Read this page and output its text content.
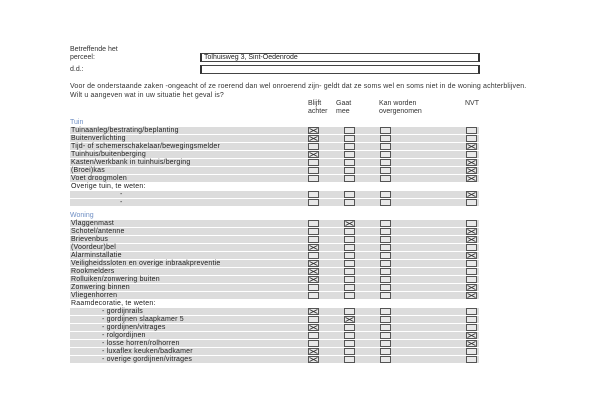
Betreffende het
perceel:	Tolhuisweg 3, Sint-Oedenrode
d.d.:
Voor de onderstaande zaken -ongeacht of ze roerend dan wel onroerend zijn- geldt dat ze soms wel en soms niet in de woning achterblijven. Wilt u aangeven wat in uw situatie het geval is?
Blijft
achter
Gaat
mee
Kan worden
overgenomen
NVT
Tuin
Tuinaanleg/bestrating/beplanting
Buitenverlichting
Tijd- of schemerschakelaar/bewegingsmelder
Tuinhuis/buitenberging
Kasten/werkbank in tuinhuis/berging
(Broei)kas
Voet droogmolen
Overige tuin, te weten:
-
-
Woning
Vlaggenmast
Schotel/antenne
Brievenbus
(Voordeur)bel
Alarminstallatie
Veiligheidssloten en overige inbraakpreventie
Rookmelders
Rolluiken/zonwering buiten
Zonwering binnen
Vliegenhorren
Raamdecoratie, te weten:
- gordijnrails
- gordijnen slaapkamer 5
- gordijnen/vitrages
- rolgordijnen
- losse horren/rolhorren
- luxaflex keuken/badkamer
- overige gordijnen/vitrages
